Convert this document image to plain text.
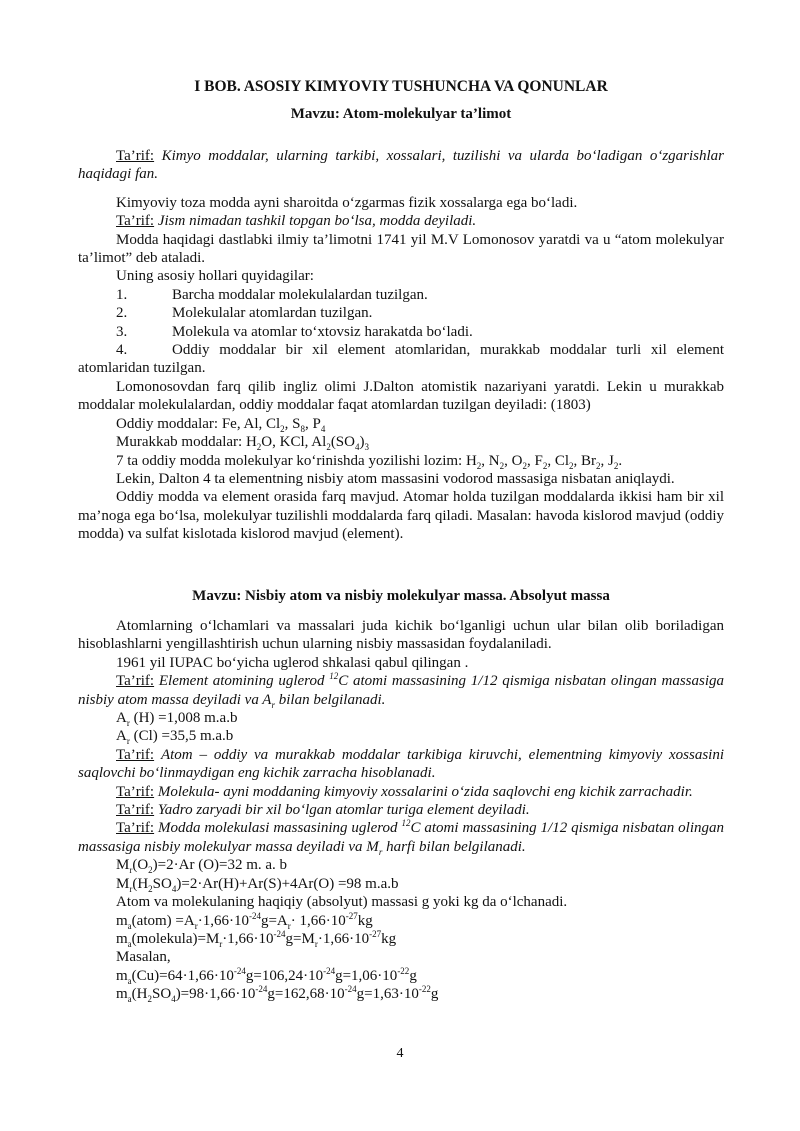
I BOB. ASOSIY KIMYOVIY TUSHUNCHA VA QONUNLAR
Mavzu: Atom-molekulyar ta’limot

Ta’rif: Kimyo moddalar, ularning tarkibi, xossalari, tuzilishi va ularda bo‘ladigan o‘zgarishlar haqidagi fan.

Kimyoviy toza modda ayni sharoitda o‘zgarmas fizik xossalarga ega bo‘ladi.

Ta’rif: Jism nimadan tashkil topgan bo‘lsa, modda deyiladi.

Modda haqidagi dastlabki ilmiy ta’limotni 1741 yil M.V Lomonosov yaratdi va u “atom molekulyar ta’limot” deb ataladi.

Uning asosiy hollari quyidagilar:

1.	Barcha moddalar molekulalardan tuzilgan.
2.	Molekulalar atomlardan tuzilgan.
3.	Molekula va atomlar to‘xtovsiz harakatda bo‘ladi.

4.	Oddiy moddalar bir xil element atomlaridan, murakkab moddalar turli xil element atomlaridan tuzilgan.

Lomonosovdan farq qilib ingliz olimi J.Dalton atomistik nazariyani yaratdi. Lekin u murakkab moddalar molekulalardan, oddiy moddalar faqat atomlardan tuzilgan deyiladi: (1803)

Oddiy moddalar: Fe, Al, $Cl_2$, $S_8$, $P_4$

Murakkab moddalar: $H_2O$, KCl, $Al_2(SO_4)_3$

7 ta oddiy modda molekulyar ko‘rinishda yozilishi lozim: $H_2$, $N_2$, $O_2$, $F_2$, $Cl_2$, $Br_2$, $J_2$.

Lekin, Dalton 4 ta elementning nisbiy atom massasini vodorod massasiga nisbatan aniqlaydi.

Oddiy modda va element orasida farq mavjud. Atomar holda tuzilgan moddalarda ikkisi ham bir xil ma’noga ega bo‘lsa, molekulyar tuzilishli moddalarda farq qiladi. Masalan: havoda kislorod mavjud (oddiy modda) va sulfat kislotada kislorod mavjud (element).

Mavzu: Nisbiy atom va nisbiy molekulyar massa. Absolyut massa

Atomlarning o‘lchamlari va massalari juda kichik bo‘lganligi uchun ular bilan olib boriladigan hisoblashlarni yengillashtirish uchun ularning nisbiy massasidan foydalaniladi.

1961 yil IUPAC bo‘yicha uglerod shkalasi qabul qilingan .

Ta’rif: Element atomining uglerod $^{12}$C atomi massasining 1/12 qismiga nisbatan olingan massasiga nisbiy atom massa deyiladi va $A_r$ bilan belgilanadi.

$A_r$ (H) =1,008 m.a.b

$A_r$ (Cl) =35,5 m.a.b

Ta’rif: Atom – oddiy va murakkab moddalar tarkibiga kiruvchi, elementning kimyoviy xossasini saqlovchi bo‘linmaydigan eng kichik zarracha hisoblanadi.

Ta’rif: Molekula- ayni moddaning kimyoviy xossalarini o‘zida saqlovchi eng kichik zarrachadir.

Ta’rif: Yadro zaryadi bir xil bo‘lgan atomlar turiga element deyiladi.

Ta’rif: Modda molekulasi massasining uglerod $^{12}$C atomi massasining 1/12 qismiga nisbatan olingan massasiga nisbiy molekulyar massa deyiladi va $M_r$ harfi bilan belgilanadi.

$M_r(O_2)=2\cdot Ar$ (O)=32 m. a. b

$M_r(H_2SO_4)=2\cdot Ar(H)+Ar(S)+4Ar(O) =98$ m.a.b

Atom va molekulaning haqiqiy (absolyut) massasi g yoki kg da o‘lchanadi.

$m_a(atom) =A_r\cdot 1,66\cdot 10^{-24}g=A_r\cdot 1,66\cdot 10^{-27}kg$

$m_a(molekula)=M_r\cdot 1,66\cdot 10^{-24}g=M_r\cdot 1,66\cdot 10^{-27}kg$

Masalan,

$m_a(Cu)=64\cdot 1,66\cdot 10^{-24}g=106,24\cdot 10^{-24}g=1,06\cdot 10^{-22}g$

$m_a(H_2SO_4)=98\cdot 1,66\cdot 10^{-24}g=162,68\cdot 10^{-24}g=1,63\cdot 10^{-22}g$

4
